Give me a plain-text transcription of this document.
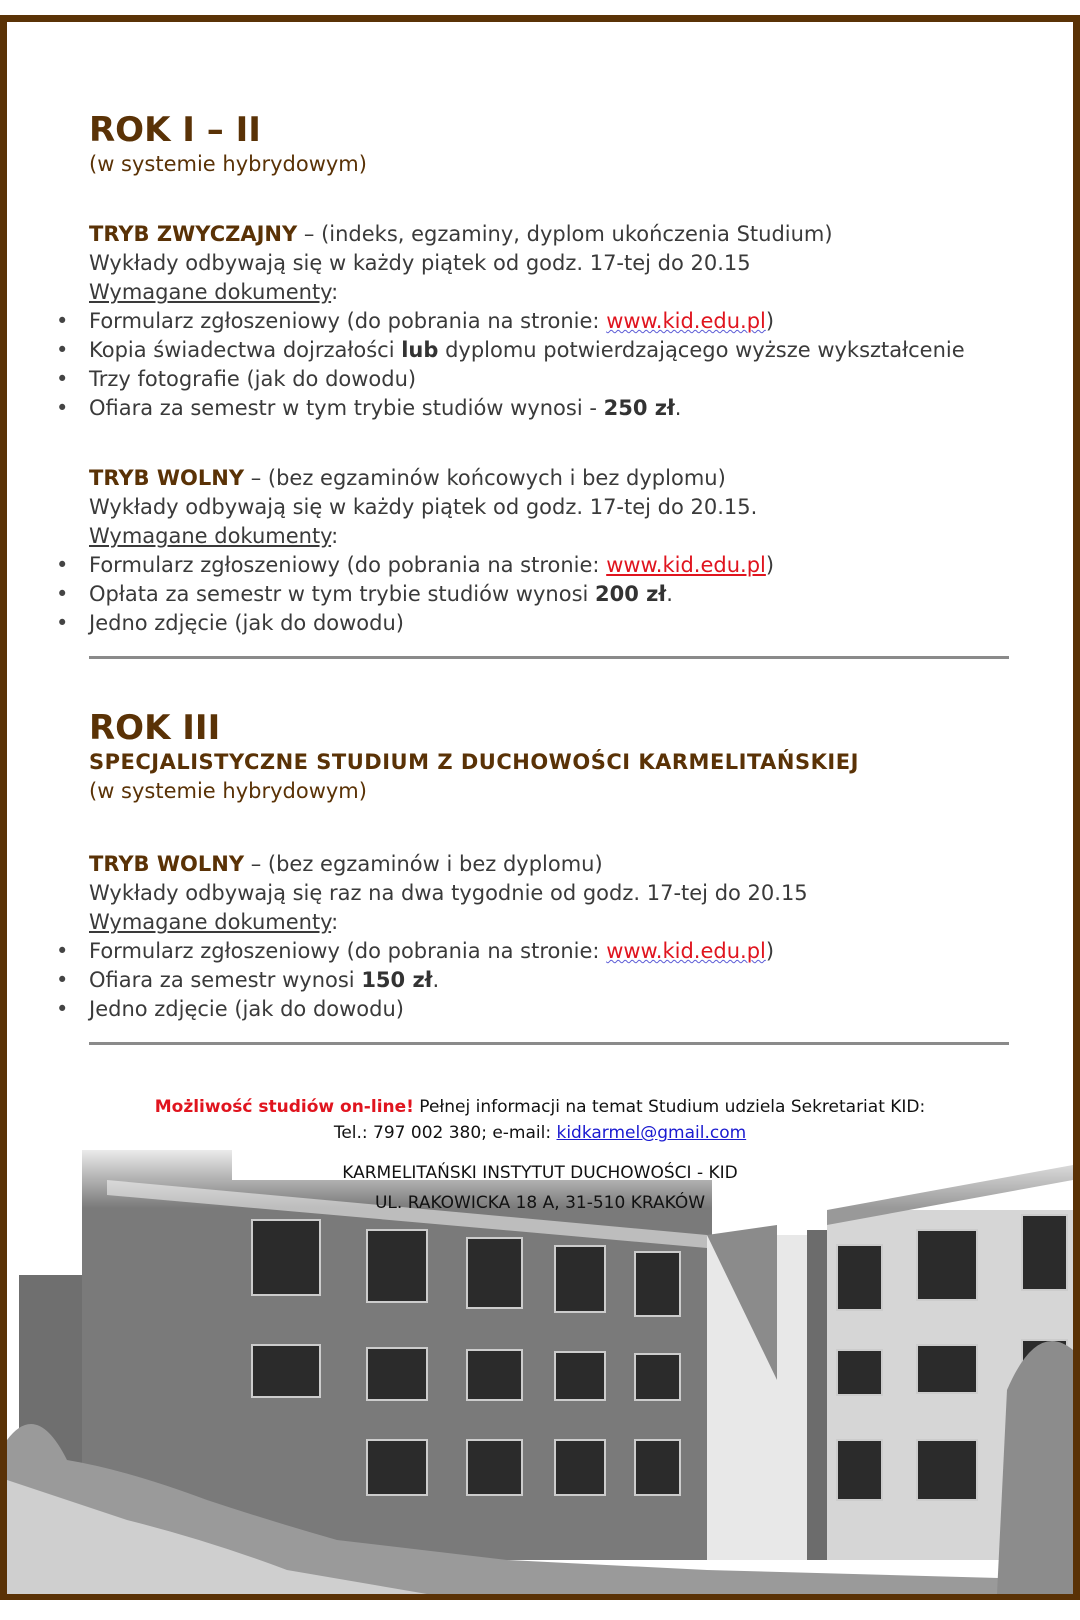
ROK I – II
(w systemie hybrydowym)
TRYB ZWYCZAJNY – (indeks, egzaminy, dyplom ukończenia Studium)
Wykłady odbywają się w każdy piątek od godz. 17-tej do 20.15
Wymagane dokumenty:
• Formularz zgłoszeniowy (do pobrania na stronie: www.kid.edu.pl)
• Kopia świadectwa dojrzałości lub dyplomu potwierdzającego wyższe wykształcenie
• Trzy fotografie (jak do dowodu)
• Ofiara za semestr w tym trybie studiów wynosi - 250 zł.
TRYB WOLNY – (bez egzaminów końcowych i bez dyplomu)
Wykłady odbywają się w każdy piątek od godz. 17-tej do 20.15.
Wymagane dokumenty:
• Formularz zgłoszeniowy (do pobrania na stronie: www.kid.edu.pl)
• Opłata za semestr w tym trybie studiów wynosi 200 zł.
• Jedno zdjęcie (jak do dowodu)
ROK III
SPECJALISTYCZNE STUDIUM Z DUCHOWOŚCI KARMELITAŃSKIEJ
(w systemie hybrydowym)
TRYB WOLNY – (bez egzaminów i bez dyplomu)
Wykłady odbywają się raz na dwa tygodnie od godz. 17-tej do 20.15
Wymagane dokumenty:
• Formularz zgłoszeniowy (do pobrania na stronie: www.kid.edu.pl)
• Ofiara za semestr wynosi 150 zł.
• Jedno zdjęcie (jak do dowodu)
Możliwość studiów on-line! Pełnej informacji na temat Studium udziela Sekretariat KID:
Tel.: 797 002 380; e-mail: kidkarmel@gmail.com
KARMELITAŃSKI INSTYTUT DUCHOWOŚCI - KID
UL. RAKOWICKA 18 A, 31-510 KRAKÓW
